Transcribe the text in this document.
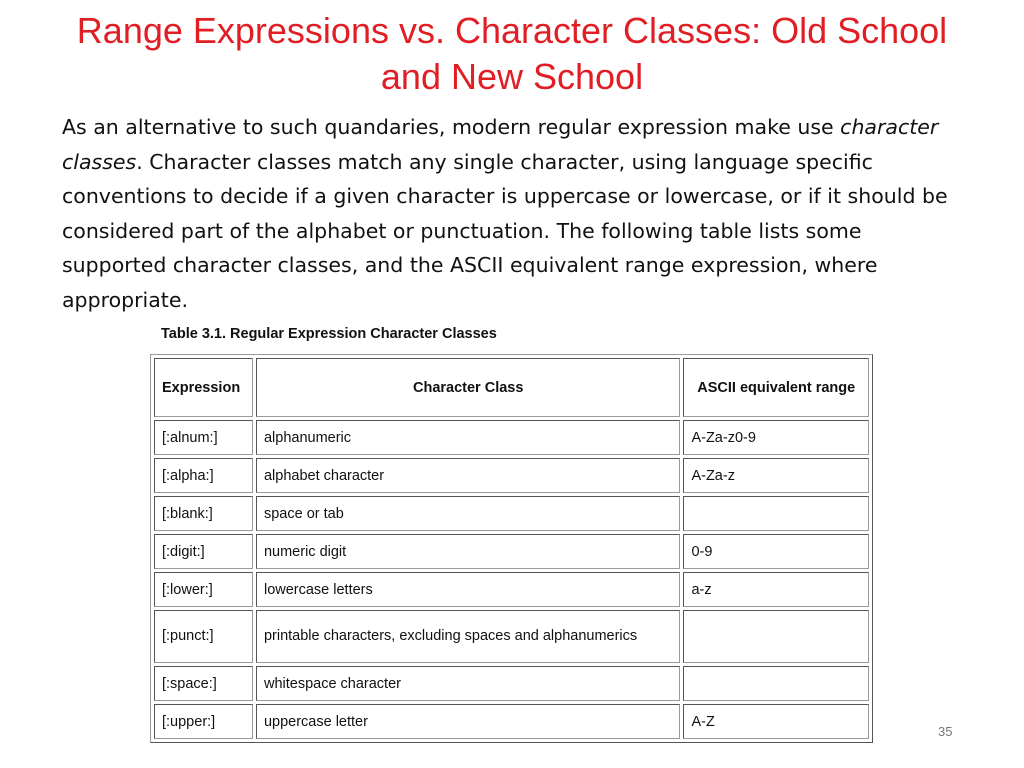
Range Expressions vs. Character Classes: Old School
and New School

As an alternative to such quandaries, modern regular expression make use character classes. Character classes match any single character, using language specific conventions to decide if a given character is uppercase or lowercase, or if it should be considered part of the alphabet or punctuation. The following table lists some supported character classes, and the ASCII equivalent range expression, where appropriate.

Table 3.1. Regular Expression Character Classes

Expression	Character Class	ASCII equivalent range
[:alnum:]	alphanumeric	A-Za-z0-9
[:alpha:]	alphabet character	A-Za-z
[:blank:]	space or tab	
[:digit:]	numeric digit	0-9
[:lower:]	lowercase letters	a-z
[:punct:]	printable characters, excluding spaces and alphanumerics	
[:space:]	whitespace character	
[:upper:]	uppercase letter	A-Z
35
